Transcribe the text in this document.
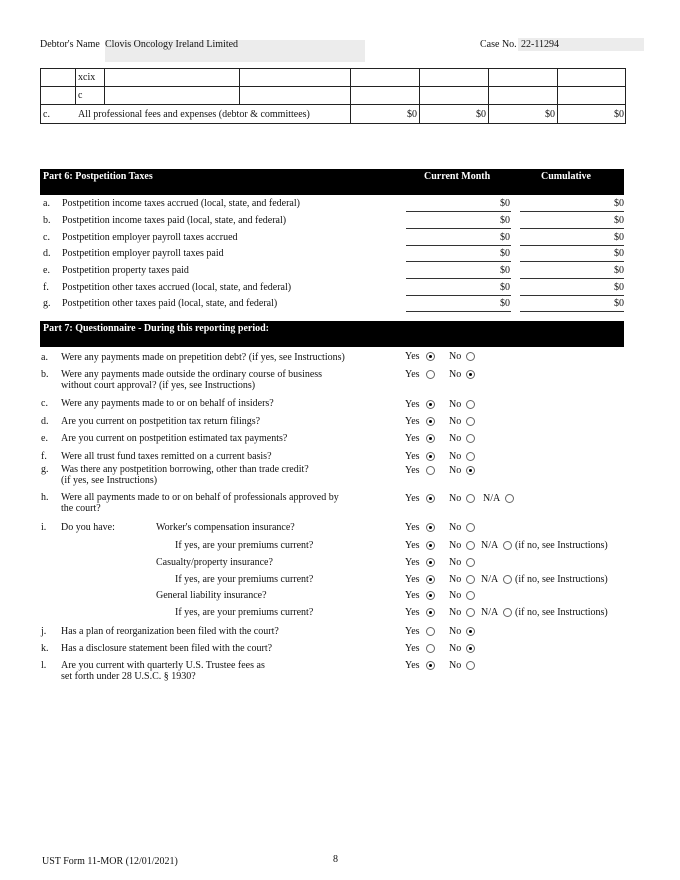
Debtor's Name Clovis Oncology Ireland Limited	Case No. 22-11294
xcix
c
c.	All professional fees and expenses (debtor & committees)	$0	$0	$0	$0
Part 6: Postpetition Taxes	Current Month	Cumulative
a. Postpetition income taxes accrued (local, state, and federal)	$0	$0
b. Postpetition income taxes paid (local, state, and federal)	$0	$0
c. Postpetition employer payroll taxes accrued	$0	$0
d. Postpetition employer payroll taxes paid	$0	$0
e. Postpetition property taxes paid	$0	$0
f. Postpetition other taxes accrued (local, state, and federal)	$0	$0
g. Postpetition other taxes paid (local, state, and federal)	$0	$0
Part 7: Questionnaire - During this reporting period:
a. Were any payments made on prepetition debt? (if yes, see Instructions)	Yes	No
b. Were any payments made outside the ordinary course of business
without court approval? (if yes, see Instructions)
Yes	No
c. Were any payments made to or on behalf of insiders?	Yes	No
d. Are you current on postpetition tax return filings?	Yes	No
e. Are you current on postpetition estimated tax payments?	Yes	No
f. Were all trust fund taxes remitted on a current basis?	Yes	No
g. Was there any postpetition borrowing, other than trade credit?
(if yes, see Instructions)
Yes	No
h. Were all payments made to or on behalf of professionals approved by
the court?
Yes	No N/A
i. Do you have:	Worker's compensation insurance?	Yes	No
If yes, are your premiums current?	Yes	No N/A (if no, see Instructions)
Casualty/property insurance?	Yes	No
If yes, are your premiums current?	Yes	No N/A (if no, see Instructions)
General liability insurance?	Yes	No
If yes, are your premiums current?	Yes	No N/A (if no, see Instructions)
j. Has a plan of reorganization been filed with the court?	Yes	No
k. Has a disclosure statement been filed with the court?	Yes	No
l. Are you current with quarterly U.S. Trustee fees as
set forth under 28 U.S.C. § 1930?
Yes	No
UST Form 11-MOR (12/01/2021)	8
